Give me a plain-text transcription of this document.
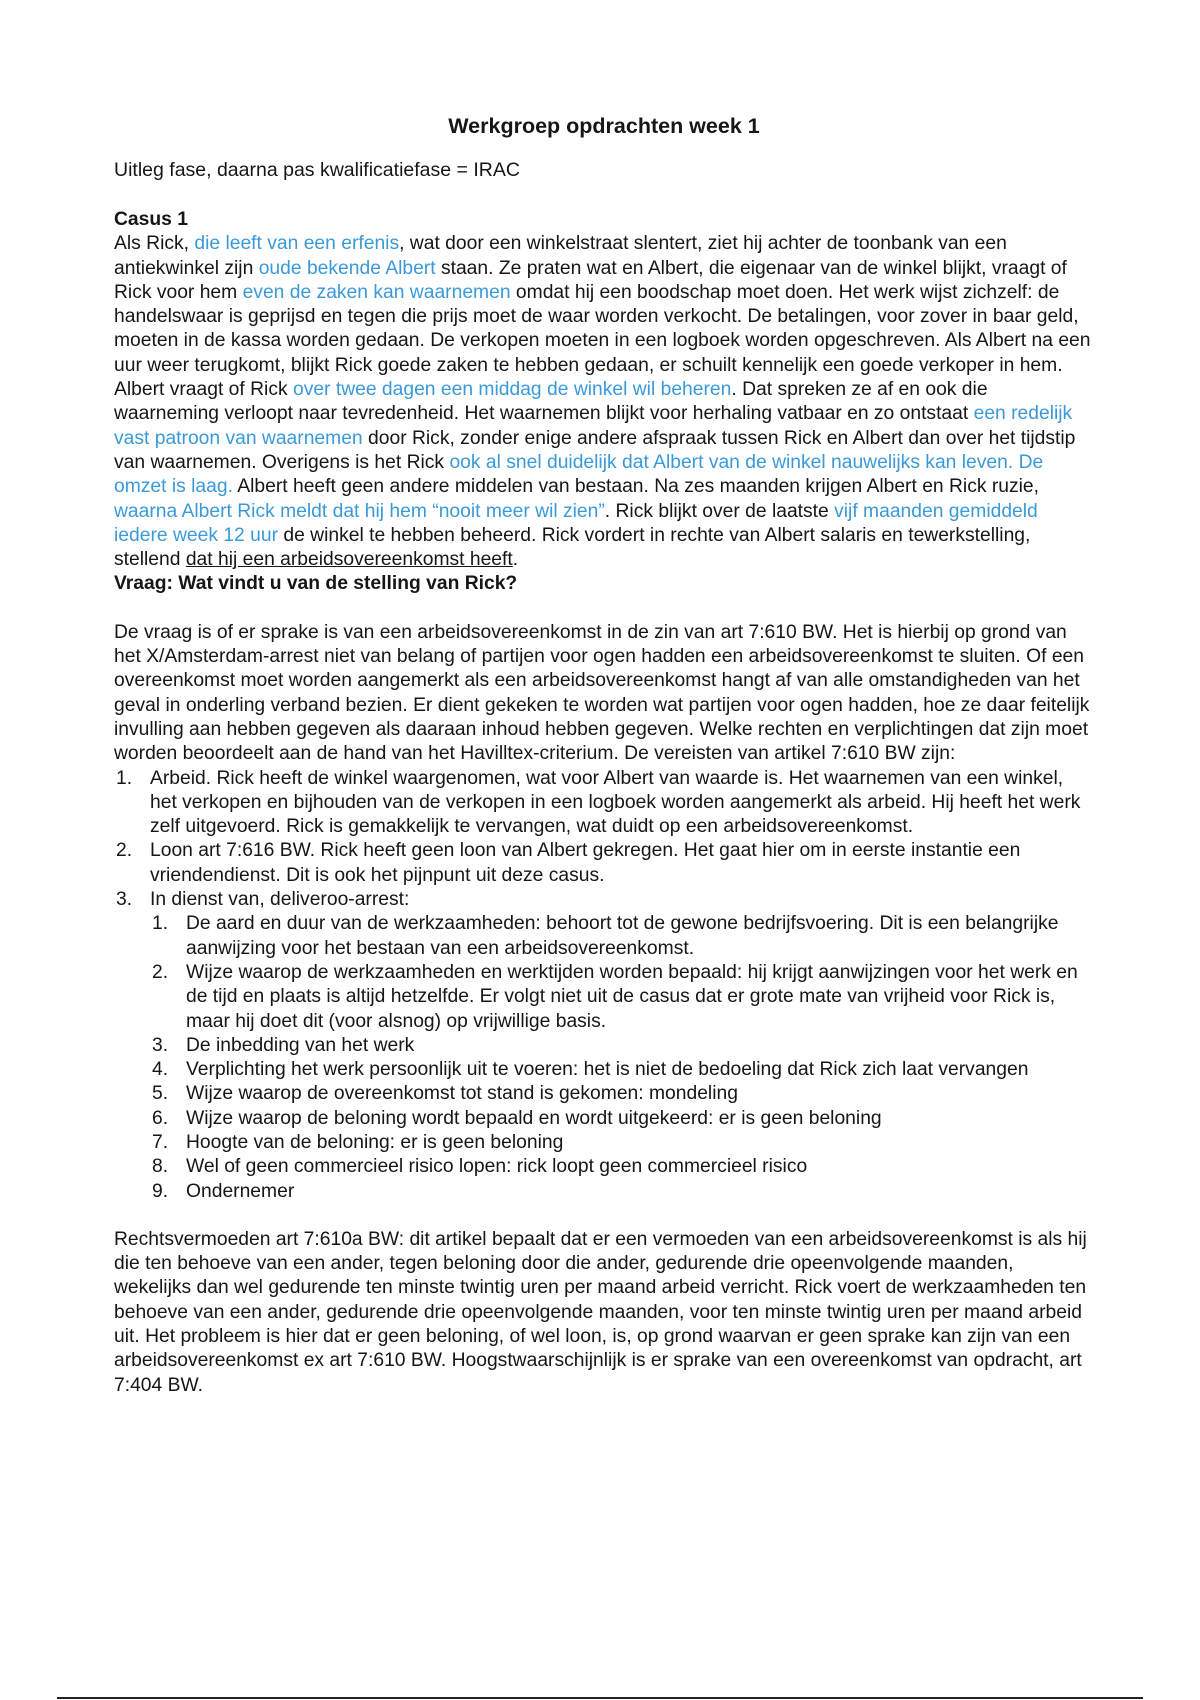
Werkgroep opdrachten week 1
Uitleg fase, daarna pas kwalificatiefase = IRAC

Casus 1

Als Rick, die leeft van een erfenis, wat door een winkelstraat slentert, ziet hij achter de toonbank van een antiekwinkel zijn oude bekende Albert staan. Ze praten wat en Albert, die eigenaar van de winkel blijkt, vraagt of Rick voor hem even de zaken kan waarnemen omdat hij een boodschap moet doen. Het werk wijst zichzelf: de handelswaar is geprijsd en tegen die prijs moet de waar worden verkocht. De betalingen, voor zover in baar geld, moeten in de kassa worden gedaan. De verkopen moeten in een logboek worden opgeschreven. Als Albert na een uur weer terugkomt, blijkt Rick goede zaken te hebben gedaan, er schuilt kennelijk een goede verkoper in hem. Albert vraagt of Rick over twee dagen een middag de winkel wil beheren. Dat spreken ze af en ook die waarneming verloopt naar tevredenheid. Het waarnemen blijkt voor herhaling vatbaar en zo ontstaat een redelijk vast patroon van waarnemen door Rick, zonder enige andere afspraak tussen Rick en Albert dan over het tijdstip van waarnemen. Overigens is het Rick ook al snel duidelijk dat Albert van de winkel nauwelijks kan leven. De omzet is laag. Albert heeft geen andere middelen van bestaan. Na zes maanden krijgen Albert en Rick ruzie, waarna Albert Rick meldt dat hij hem “nooit meer wil zien”. Rick blijkt over de laatste vijf maanden gemiddeld iedere week 12 uur de winkel te hebben beheerd. Rick vordert in rechte van Albert salaris en tewerkstelling, stellend dat hij een arbeidsovereenkomst heeft.

Vraag: Wat vindt u van de stelling van Rick?

De vraag is of er sprake is van een arbeidsovereenkomst in de zin van art 7:610 BW. Het is hierbij op grond van het X/Amsterdam-arrest niet van belang of partijen voor ogen hadden een arbeidsovereenkomst te sluiten. Of een overeenkomst moet worden aangemerkt als een arbeidsovereenkomst hangt af van alle omstandigheden van het geval in onderling verband bezien. Er dient gekeken te worden wat partijen voor ogen hadden, hoe ze daar feitelijk invulling aan hebben gegeven als daaraan inhoud hebben gegeven. Welke rechten en verplichtingen dat zijn moet worden beoordeelt aan de hand van het Havilltex-criterium. De vereisten van artikel 7:610 BW zijn:

1. Arbeid. Rick heeft de winkel waargenomen, wat voor Albert van waarde is. Het waarnemen van een winkel, het verkopen en bijhouden van de verkopen in een logboek worden aangemerkt als arbeid. Hij heeft het werk zelf uitgevoerd. Rick is gemakkelijk te vervangen, wat duidt op een arbeidsovereenkomst.
2. Loon art 7:616 BW. Rick heeft geen loon van Albert gekregen. Het gaat hier om in eerste instantie een vriendendienst. Dit is ook het pijnpunt uit deze casus.
3. In dienst van, deliveroo-arrest:
1. De aard en duur van de werkzaamheden: behoort tot de gewone bedrijfsvoering. Dit is een belangrijke aanwijzing voor het bestaan van een arbeidsovereenkomst.
2. Wijze waarop de werkzaamheden en werktijden worden bepaald: hij krijgt aanwijzingen voor het werk en de tijd en plaats is altijd hetzelfde. Er volgt niet uit de casus dat er grote mate van vrijheid voor Rick is, maar hij doet dit (voor alsnog) op vrijwillige basis.
3. De inbedding van het werk
4. Verplichting het werk persoonlijk uit te voeren: het is niet de bedoeling dat Rick zich laat vervangen
5. Wijze waarop de overeenkomst tot stand is gekomen: mondeling
6. Wijze waarop de beloning wordt bepaald en wordt uitgekeerd: er is geen beloning
7. Hoogte van de beloning: er is geen beloning
8. Wel of geen commercieel risico lopen: rick loopt geen commercieel risico
9. Ondernemer

Rechtsvermoeden art 7:610a BW: dit artikel bepaalt dat er een vermoeden van een arbeidsovereenkomst is als hij die ten behoeve van een ander, tegen beloning door die ander, gedurende drie opeenvolgende maanden, wekelijks dan wel gedurende ten minste twintig uren per maand arbeid verricht. Rick voert de werkzaamheden ten behoeve van een ander, gedurende drie opeenvolgende maanden, voor ten minste twintig uren per maand arbeid uit. Het probleem is hier dat er geen beloning, of wel loon, is, op grond waarvan er geen sprake kan zijn van een arbeidsovereenkomst ex art 7:610 BW. Hoogstwaarschijnlijk is er sprake van een overeenkomst van opdracht, art 7:404 BW.
